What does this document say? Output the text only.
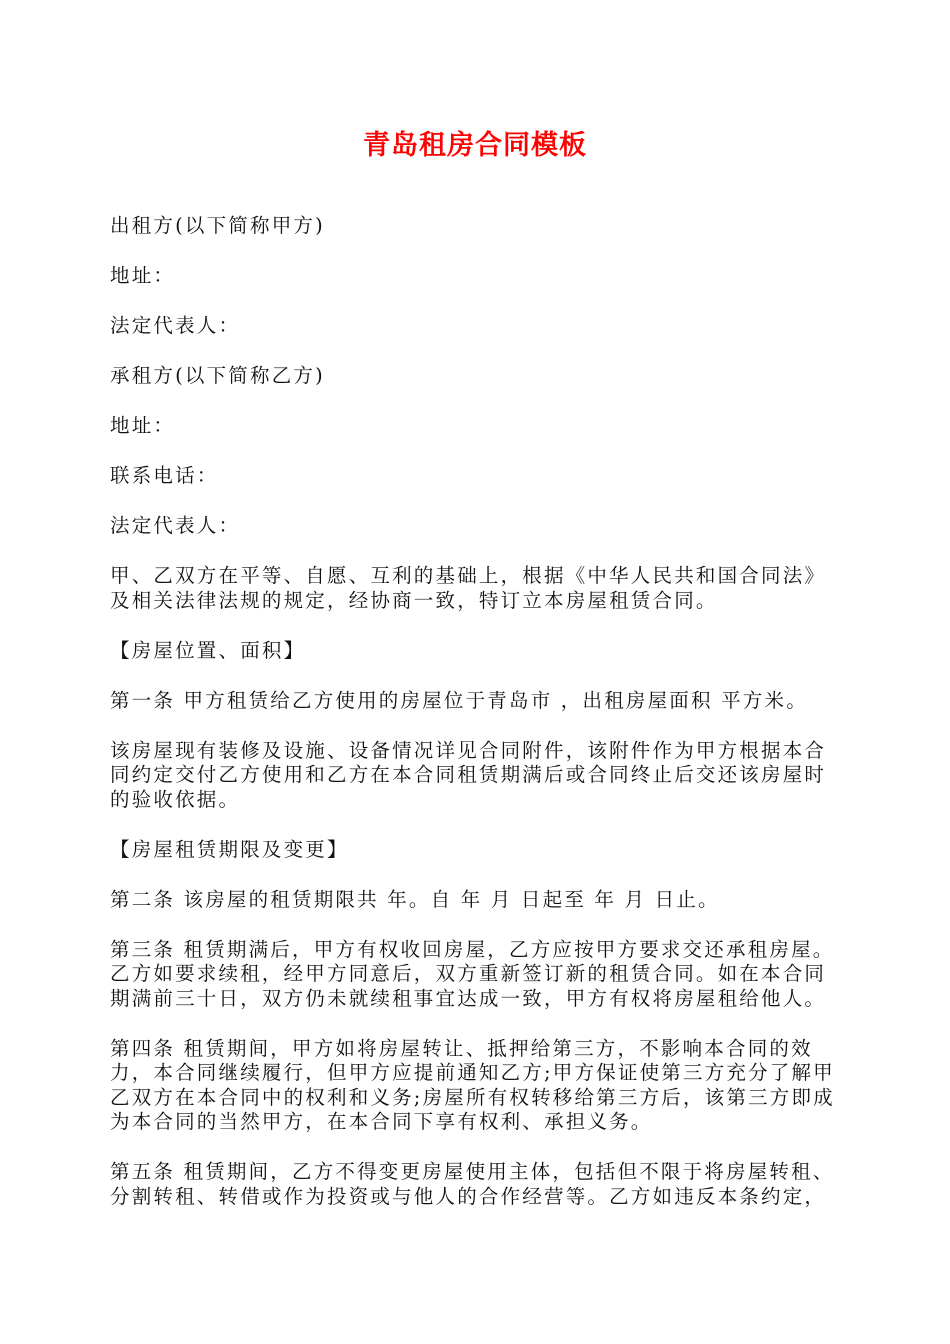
青岛租房合同模板

出租方(以下简称甲方)

地址：

法定代表人：

承租方(以下简称乙方)

地址：

联系电话：

法定代表人：

甲、乙双方在平等、自愿、互利的基础上，根据《中华人民共和国合同法》及相关法律法规的规定，经协商一致，特订立本房屋租赁合同。

【房屋位置、面积】

第一条 甲方租赁给乙方使用的房屋位于青岛市 ，出租房屋面积 平方米。

该房屋现有装修及设施、设备情况详见合同附件，该附件作为甲方根据本合同约定交付乙方使用和乙方在本合同租赁期满后或合同终止后交还该房屋时的验收依据。

【房屋租赁期限及变更】

第二条 该房屋的租赁期限共 年。自 年 月 日起至 年 月 日止。

第三条 租赁期满后，甲方有权收回房屋，乙方应按甲方要求交还承租房屋。乙方如要求续租，经甲方同意后，双方重新签订新的租赁合同。如在本合同期满前三十日，双方仍未就续租事宜达成一致，甲方有权将房屋租给他人。

第四条 租赁期间，甲方如将房屋转让、抵押给第三方，不影响本合同的效力，本合同继续履行，但甲方应提前通知乙方;甲方保证使第三方充分了解甲乙双方在本合同中的权利和义务;房屋所有权转移给第三方后，该第三方即成为本合同的当然甲方，在本合同下享有权利、承担义务。

第五条 租赁期间，乙方不得变更房屋使用主体，包括但不限于将房屋转租、分割转租、转借或作为投资或与他人的合作经营等。乙方如违反本条约定，
